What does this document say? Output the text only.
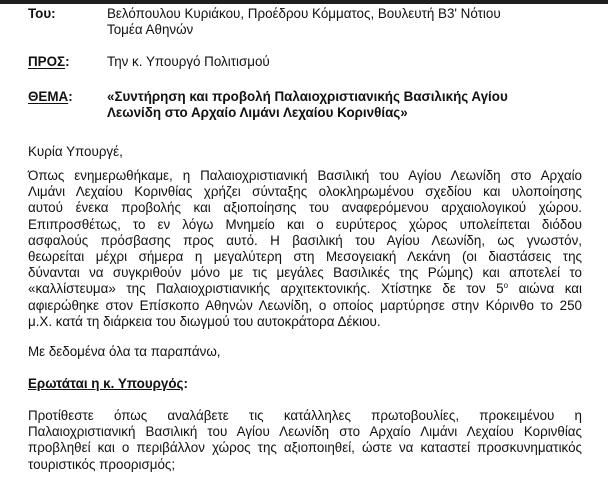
Του:	Βελόπουλου Κυριάκου, Προέδρου Κόμματος, Βουλευτή Β3' Νότιου
Τομέα Αθηνών
ΠΡΟΣ:	Την κ. Υπουργό Πολιτισμού
ΘΕΜΑ:	«Συντήρηση και προβολή Παλαιοχριστιανικής Βασιλικής Αγίου
Λεωνίδη στο Αρχαίο Λιμάνι Λεχαίου Κορινθίας»
Κυρία Υπουργέ,
Όπως ενημερωθήκαμε, η Παλαιοχριστιανική Βασιλική του Αγίου Λεωνίδη στο Αρχαίο
Λιμάνι Λεχαίου Κορινθίας χρήζει σύνταξης ολοκληρωμένου σχεδίου και υλοποίησης
αυτού ένεκα προβολής και αξιοποίησης του αναφερόμενου αρχαιολογικού χώρου.
Επιπροσθέτως, το εν λόγω Μνημείο και ο ευρύτερος χώρος υπολείπεται διόδου
ασφαλούς πρόσβασης προς αυτό. Η βασιλική του Αγίου Λεωνίδη, ως γνωστόν,
θεωρείται μέχρι σήμερα η μεγαλύτερη στη Μεσογειακή Λεκάνη (οι διαστάσεις της
δύνανται να συγκριθούν μόνο με τις μεγάλες Βασιλικές της Ρώμης) και αποτελεί το
«καλλίστευμα» της Παλαιοχριστιανικής αρχιτεκτονικής. Χτίστηκε δε τον $5^o$ αιώνα και
αφιερώθηκε στον Επίσκοπο Αθηνών Λεωνίδη, ο οποίος μαρτύρησε στην Κόρινθο το 250
μ.Χ. κατά τη διάρκεια του διωγμού του αυτοκράτορα Δέκιου.
Με δεδομένα όλα τα παραπάνω,
Ερωτάται η κ. Υπουργός:
Προτίθεστε όπως αναλάβετε τις κατάλληλες πρωτοβουλίες, προκειμένου η
Παλαιοχριστιανική Βασιλική του Αγίου Λεωνίδη στο Αρχαίο Λιμάνι Λεχαίου Κορινθίας
προβληθεί και ο περιβάλλον χώρος της αξιοποιηθεί, ώστε να καταστεί προσκυνηματικός
τουριστικός προορισμός;
